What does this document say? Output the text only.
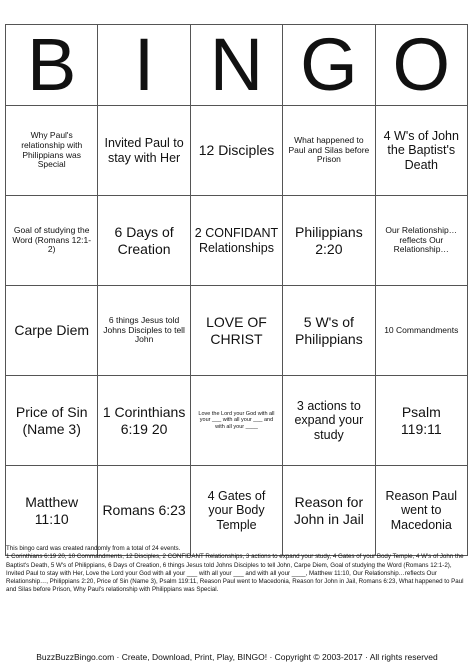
B	I	N	G	O
Why Paul's relationship with Philippians was Special	Invited Paul to stay with Her	12 Disciples	What happened to Paul and Silas before Prison	4 W's of John the Baptist's Death
Goal of studying the Word (Romans 12:1-2)	6 Days of Creation	2 CONFIDANT Relationships	Philippians 2:20	Our Relationship…reflects Our Relationship…
Carpe Diem	6 things Jesus told Johns Disciples to tell John	LOVE OF CHRIST	5 W's of Philippians	10 Commandments
Price of Sin (Name 3)	1 Corinthians 6:19 20	Love the Lord your God with all your ___ with all your ___ and with all your ____	3 actions to expand your study	Psalm 119:11
Matthew 11:10	Romans 6:23	4 Gates of your Body Temple	Reason for John in Jail	Reason Paul went to Macedonia
This bingo card was created randomly from a total of 24 events.
1 Corinthians 6:19 20, 10 Commandments, 12 Disciples, 2 CONFIDANT Relationships, 3 actions to expand your study, 4 Gates of your Body Temple, 4 W's of John the Baptist's Death, 5 W's of Philippians, 6 Days of Creation, 6 things Jesus told Johns Disciples to tell John, Carpe Diem, Goal of studying the Word (Romans 12:1-2), Invited Paul to stay with Her, Love the Lord your God with all your ___ with all your ___ and with all your ____, Matthew 11:10, Our Relationship…reflects Our Relationship…, Philippians 2:20, Price of Sin (Name 3), Psalm 119:11, Reason Paul went to Macedonia, Reason for John in Jail, Romans 6:23, What happened to Paul and Silas before Prison, Why Paul's relationship with Philippians was Special.
BuzzBuzzBingo.com · Create, Download, Print, Play, BINGO! · Copyright © 2003-2017 · All rights reserved
